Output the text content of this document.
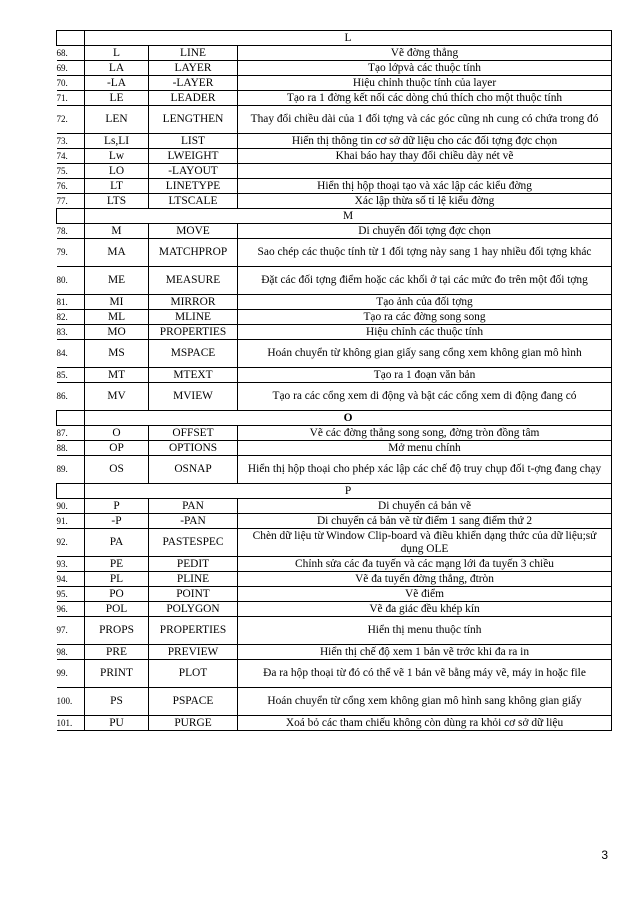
	L		
68.	L	LINE	Vẽ đờng thẳng
69.	LA	LAYER	Tạo lớpvà các thuộc tính
70.	-LA	-LAYER	Hiệu chỉnh thuộc tính của layer
71.	LE	LEADER	Tạo ra 1 đờng kết nối các dòng chú thích cho một thuộc tính
72.	LEN	LENGTHEN	Thay đổi chiều dài của 1 đối tợng và các góc cũng nh cung có chứa trong đó
73.	Ls,LI	LIST	Hiển thị thông tin cơ sở dữ liệu cho các đối tợng đợc chọn
74.	Lw	LWEIGHT	Khai báo hay thay đổi chiều dày nét vẽ
75.	LO	-LAYOUT	
76.	LT	LINETYPE	Hiển thị hộp thoại tạo và xác lập các kiểu đờng
77.	LTS	LTSCALE	Xác lập thừa số tỉ lệ kiểu đờng
	M		
78.	M	MOVE	Di chuyển đối tợng đợc chọn
79.	MA	MATCHPROP	Sao chép các thuộc tính từ 1 đối tợng này sang 1 hay nhiều đối tợng khác
80.	ME	MEASURE	Đặt các đối tợng điểm hoặc các khối ở tại các mức đo trên một đối tợng
81.	MI	MIRROR	Tạo ảnh của đối tợng
82.	ML	MLINE	Tạo ra các đờng song song
83.	MO	PROPERTIES	Hiệu chỉnh các thuộc tính
84.	MS	MSPACE	Hoán chuyển từ không gian giấy sang cổng xem không gian mô hình
85.	MT	MTEXT	Tạo ra 1 đoạn văn bản
86.	MV	MVIEW	Tạo ra các cổng xem di động và bật các cổng xem di động đang có
	O		
87.	O	OFFSET	Vẽ các đờng thẳng song song, đờng tròn đồng tâm
88.	OP	OPTIONS	Mở menu chính
89.	OS	OSNAP	Hiển thị hộp thoại cho phép xác lập các chế độ truy chụp đối t-ợng đang chạy
	P		
90.	P	PAN	Di chuyển cả bản vẽ
91.	-P	-PAN	Di chuyển cả bản vẽ từ điểm 1 sang điểm thứ 2
92.	PA	PASTESPEC	Chèn dữ liệu từ Window Clip-board và điều khiển dạng thức của dữ liệu;sử dụng OLE
93.	PE	PEDIT	Chỉnh sửa các đa tuyến và các mạng lới đa tuyến 3 chiều
94.	PL	PLINE	Vẽ đa tuyến đờng thẳng, đtròn
95.	PO	POINT	Vẽ điểm
96.	POL	POLYGON	Vẽ đa giác đều khép kín
97.	PROPS	PROPERTIES	Hiển thị menu thuộc tính
98.	PRE	PREVIEW	Hiển thị chế độ xem 1 bản vẽ trớc khi đa ra in
99.	PRINT	PLOT	Đa ra hộp thoại từ đó có thể vẽ 1 bản vẽ bằng máy vẽ, máy in hoặc file
100.	PS	PSPACE	Hoán chuyển từ cổng xem không gian mô hình sang không gian giấy
101.	PU	PURGE	Xoá bỏ các tham chiếu không còn dùng ra khỏi cơ sở dữ liệu
3
